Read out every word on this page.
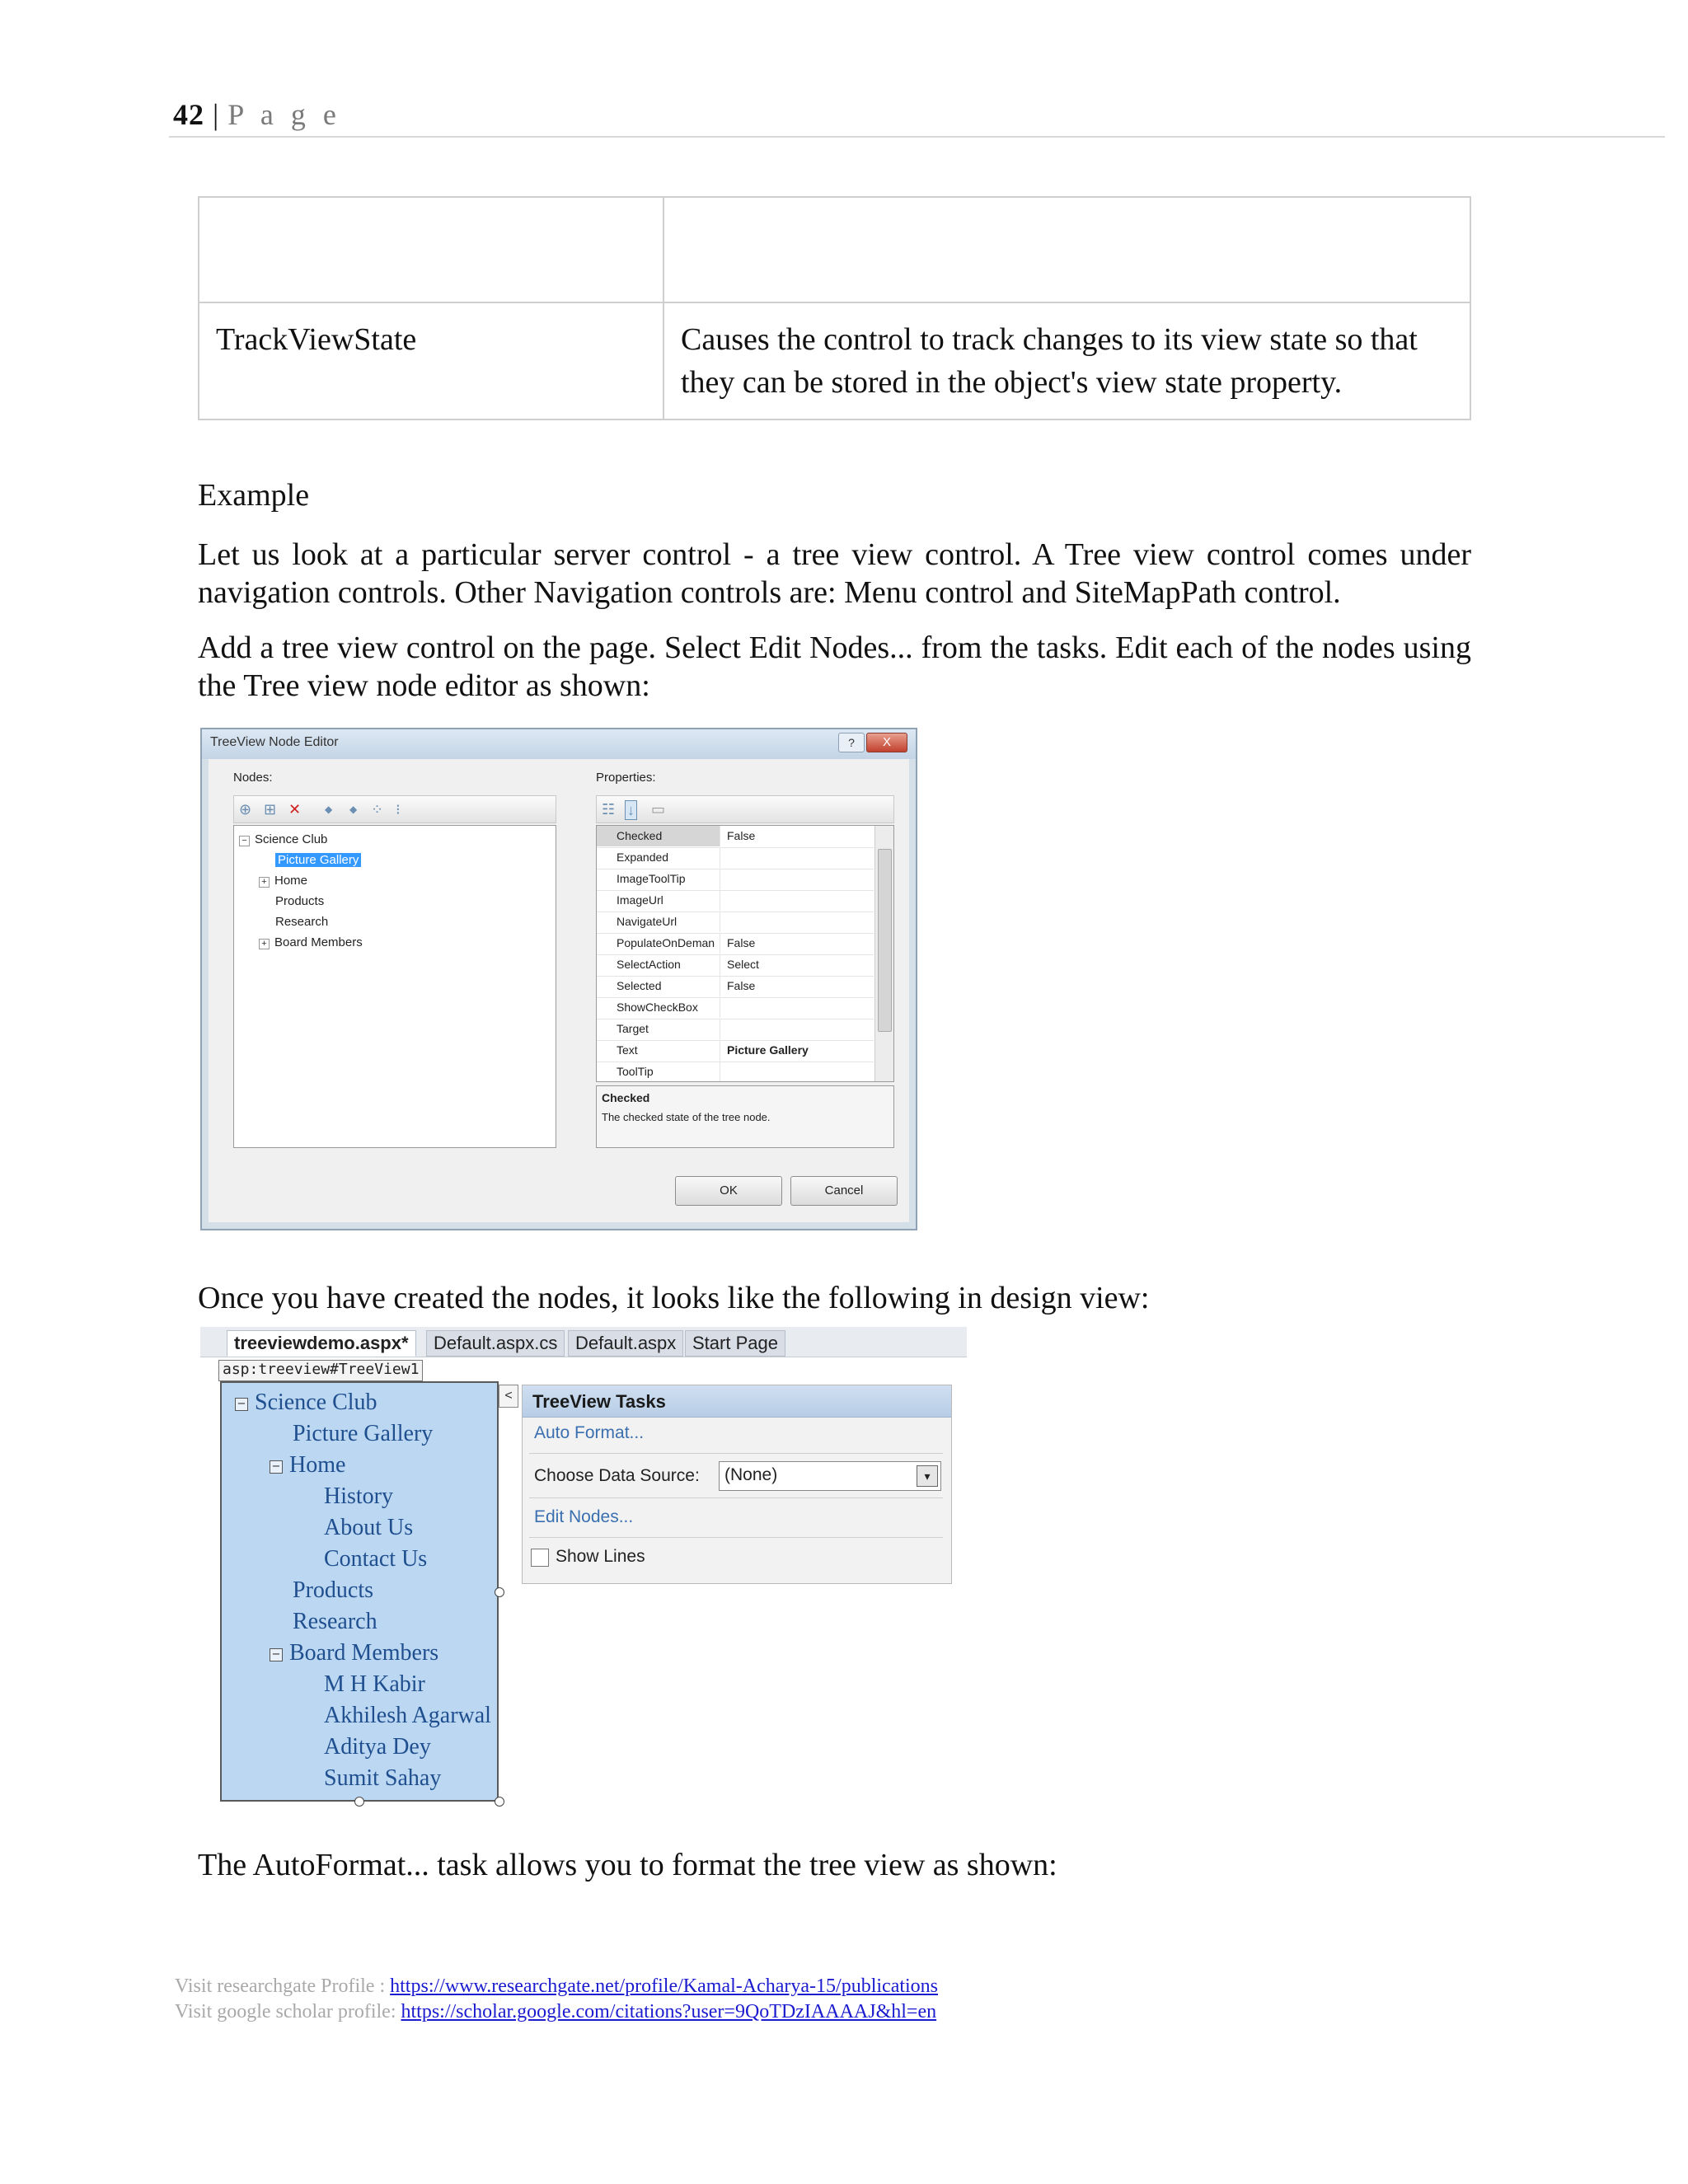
42 | P a g e

TrackViewState	Causes the control to track changes to its view state so that they can be stored in the object's view state property.
Example
Let us look at a particular server control - a tree view control. A Tree view control comes under navigation controls. Other Navigation controls are: Menu control and SiteMapPath control.
Add a tree view control on the page. Select Edit Nodes... from the tasks. Edit each of the nodes using the Tree view node editor as shown:
TreeView Node Editor	?	X
Nodes:	Properties:
⊕ ⊞ ✕ ◆ ◆ ⁘ ⁝	☷ ↓ ▭
− Science Club
Picture Gallery
+ Home
Products
Research
+ Board Members
Checked	False
Expanded
ImageToolTip
ImageUrl
NavigateUrl
PopulateOnDeman	False
SelectAction	Select
Selected	False
ShowCheckBox
Target
Text	Picture Gallery
ToolTip
Checked
The checked state of the tree node.
OK	Cancel
Once you have created the nodes, it looks like the following in design view:
treeviewdemo.aspx*	Default.aspx.cs Default.aspx Start Page
asp:treeview#TreeView1
− Science Club
Picture Gallery
− Home
History
About Us
Contact Us
Products
Research
− Board Members
M H Kabir
Akhilesh Agarwal
Aditya Dey
Sumit Sahay
<	TreeView Tasks
Auto Format...
Choose Data Source: (None)	▾
Edit Nodes...
Show Lines
The AutoFormat... task allows you to format the tree view as shown:
Visit researchgate Profile : https://www.researchgate.net/profile/Kamal-Acharya-15/publications
Visit google scholar profile: https://scholar.google.com/citations?user=9QoTDzIAAAAJ&hl=en
